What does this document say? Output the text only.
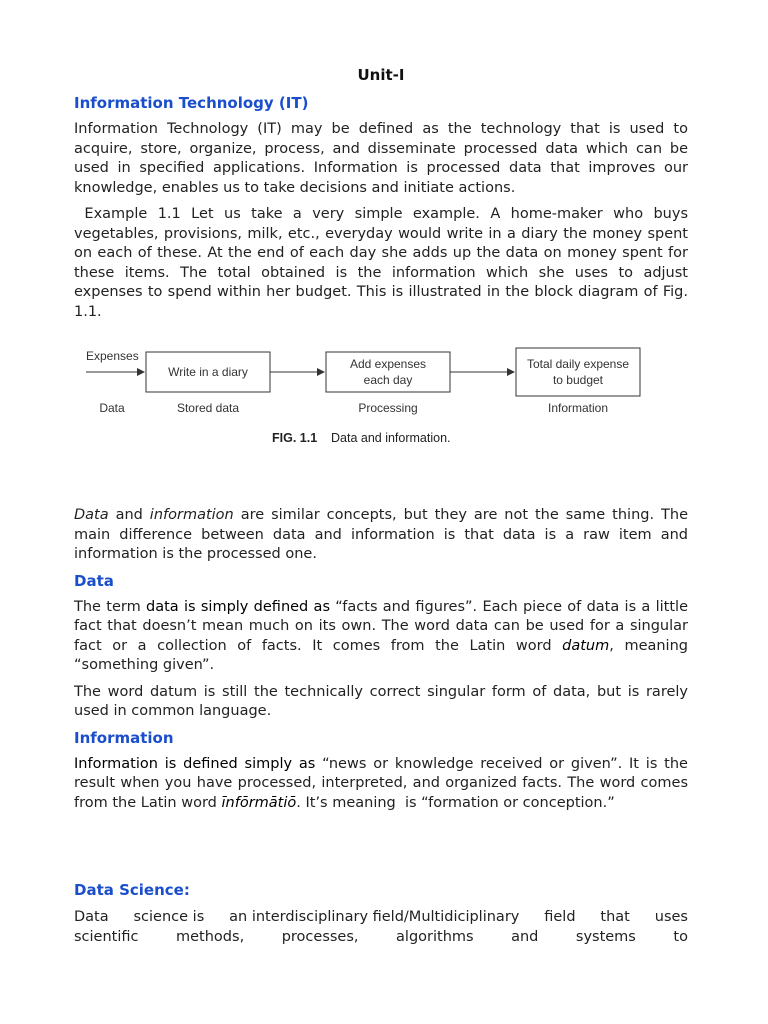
Unit-I
Information Technology (IT)

Information Technology (IT) may be defined as the technology that is used to acquire, store, organize, process, and disseminate processed data which can be used in specified applications. Information is processed data that improves our knowledge, enables us to take decisions and initiate actions.

Example 1.1 Let us take a very simple example. A home-maker who buys vegetables, provisions, milk, etc., everyday would write in a diary the money spent on each of these. At the end of each day she adds up the data on money spent for these items. The total obtained is the information which she uses to adjust expenses to spend within her budget. This is illustrated in the block diagram of Fig. 1.1.

Expenses
Write in a diary
Add expenses
each day
Total daily expense
to budget
Data	Stored data	Processing	Information
FIG. 1.1 Data and information.

Data and information are similar concepts, but they are not the same thing. The main difference between data and information is that data is a raw item and information is the processed one.

Data

The term data is simply defined as “facts and figures”. Each piece of data is a little fact that doesn’t mean much on its own. The word data can be used for a singular fact or a collection of facts. It comes from the Latin word datum, meaning “something given”.

The word datum is still the technically correct singular form of data, but is rarely used in common language.

Information

Information is defined simply as “news or knowledge received or given”. It is the result when you have processed, interpreted, and organized facts. The word comes from the Latin word īnfōrmātiō. It’s meaning  is “formation or conception.”

Data Science:
Data science is an interdisciplinary field/Multidiciplinary field that uses
scientific	methods,	processes,	algorithms	and	systems	to
